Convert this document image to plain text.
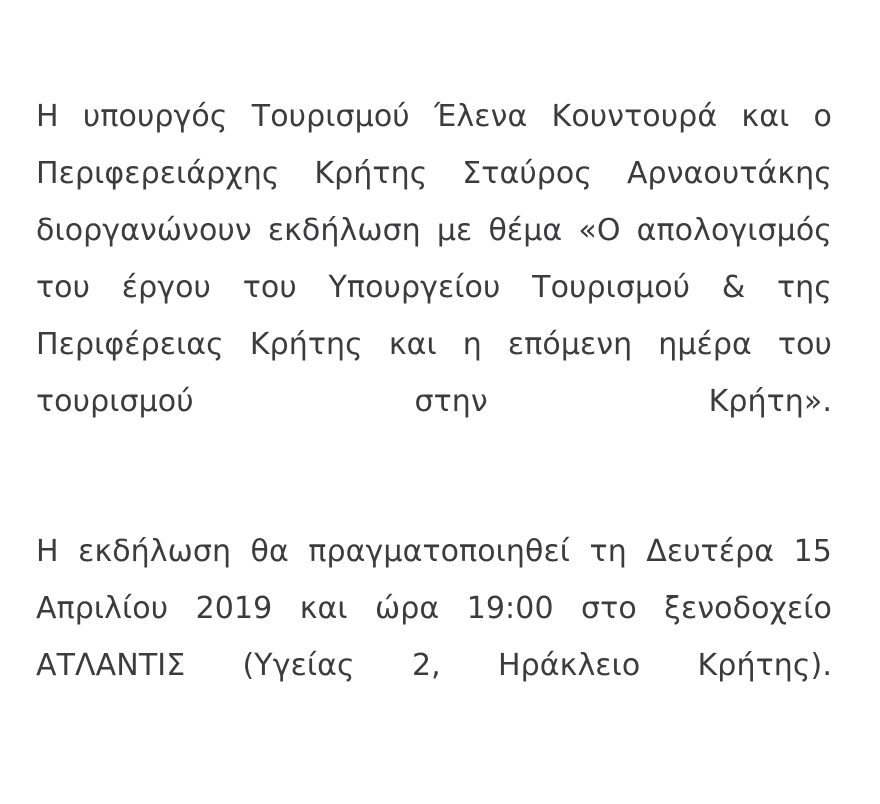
Η υπουργός Τουρισμού Έλενα Κουντουρά και ο Περιφερειάρχης Κρήτης Σταύρος Αρναουτάκης διοργανώνουν εκδήλωση με θέμα «Ο απολογισμός του έργου του Υπουργείου Τουρισμού & της Περιφέρειας Κρήτης και η επόμενη ημέρα του τουρισμού στην Κρήτη».

Η εκδήλωση θα πραγματοποιηθεί τη Δευτέρα 15 Απριλίου 2019 και ώρα 19:00 στο ξενοδοχείο ΑΤΛΑΝΤΙΣ (Υγείας 2, Ηράκλειο Κρήτης).
